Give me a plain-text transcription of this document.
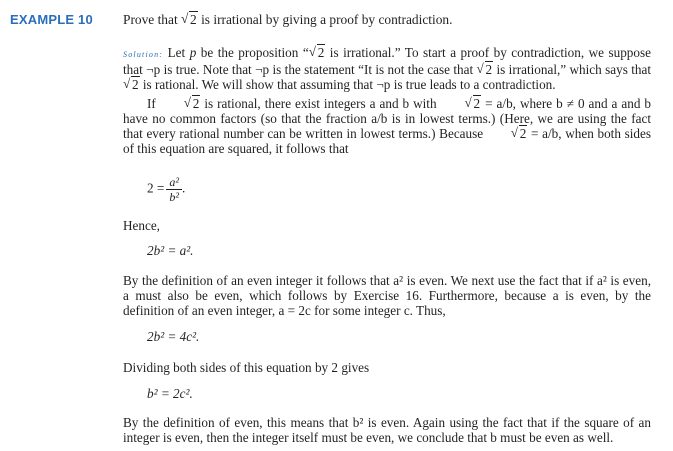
EXAMPLE 10 Prove that √ 2 is irrational by giving a proof by contradiction.

Solution: Let p be the proposition “ √ 2 is irrational.” To start a proof by contradiction, we suppose that ¬p is true. Note that ¬p is the statement “It is not the case that √ 2 is irrational,” which says that √ 2 is rational. We will show that assuming that ¬p is true leads to a contradiction.

If	√ 2 is rational, there exist integers a and b with	√ 2 = a/b, where b ≠ 0 and a and b have no common factors (so that the fraction a/b is in lowest terms.) (Here, we are using the fact that every rational number can be written in lowest terms.) Because	√ 2 = a/b, when both sides of this equation are squared, it follows that

$2 = \frac{\text{a²}}{\text{b²}}$ .

Hence,

2b² = a².

By the definition of an even integer it follows that a² is even. We next use the fact that if a² is even, a must also be even, which follows by Exercise 16. Furthermore, because a is even, by the definition of an even integer, a = 2c for some integer c. Thus,

2b² = 4c².

Dividing both sides of this equation by 2 gives

b² = 2c².

By the definition of even, this means that b² is even. Again using the fact that if the square of an integer is even, then the integer itself must be even, we conclude that b must be even as well.
